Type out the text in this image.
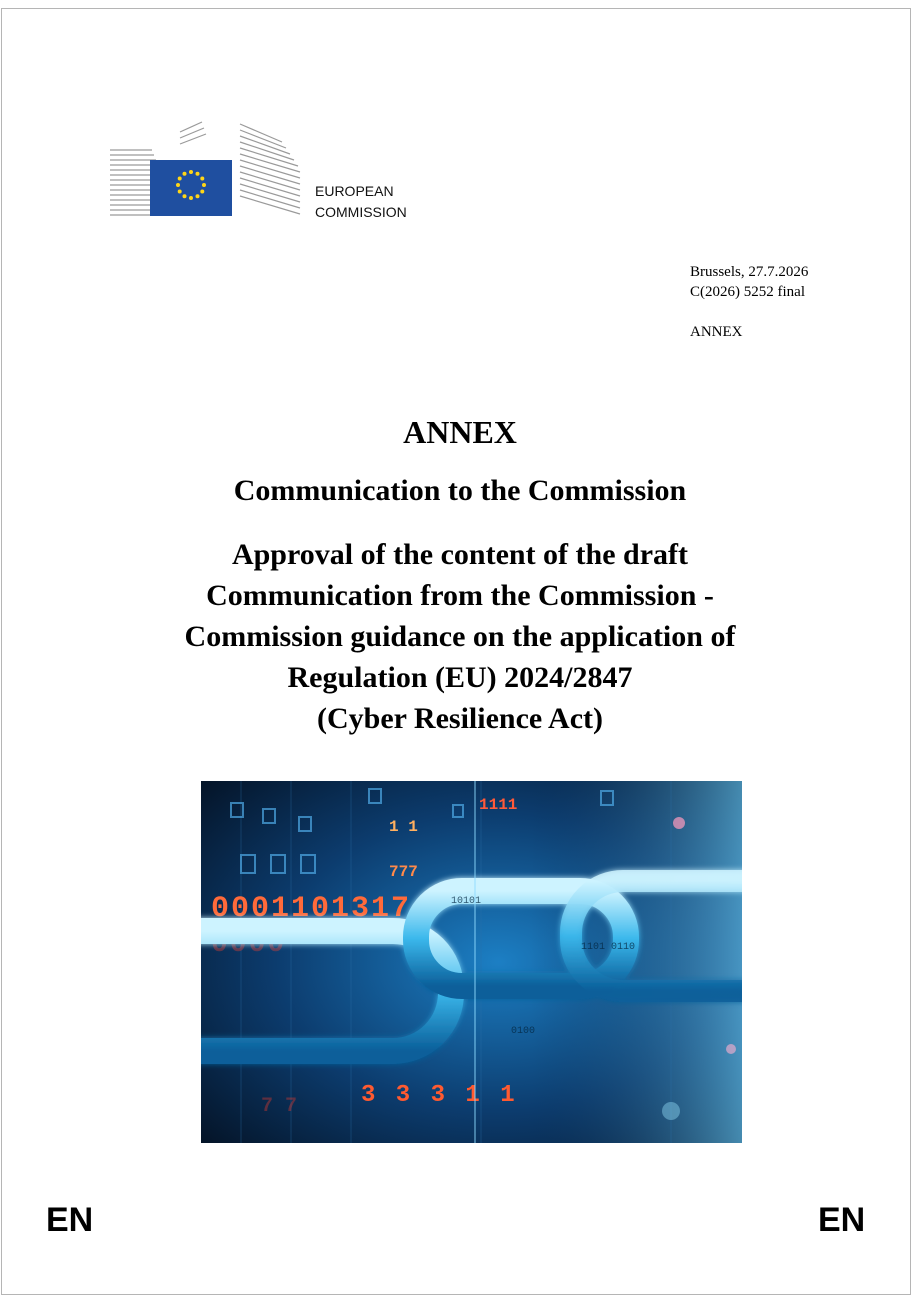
EUROPEAN
COMMISSION
Brussels, 27.7.2026
C(2026) 5252 final
ANNEX
ANNEX
Communication to the Commission
Approval of the content of the draft
Communication from the Commission -
Commission guidance on the application of
Regulation (EU) 2024/2847
(Cyber Resilience Act)
0001101317
1111
777
1 1
3 3 3 1 1
0000
7 7
10101
0100
1101 0110
EN	EN
